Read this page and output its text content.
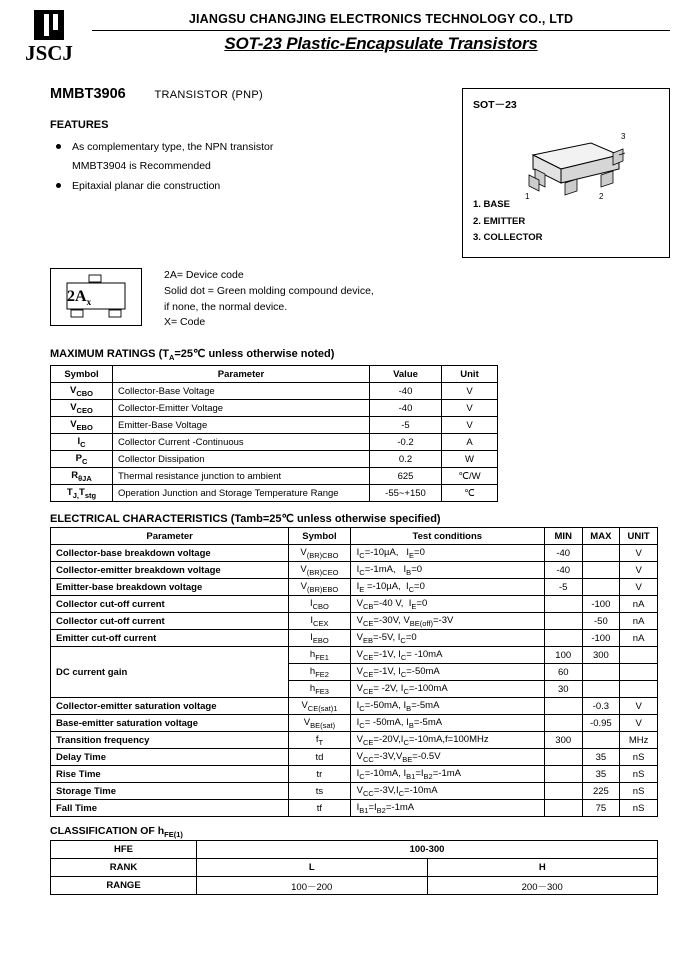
JSCJ
JIANGSU CHANGJING ELECTRONICS TECHNOLOGY CO., LTD
SOT-23 Plastic-Encapsulate Transistors
MMBT3906	TRANSISTOR (PNP)
FEATURES
As complementary type, the NPN transistor
MMBT3904 is Recommended
Epitaxial planar die construction
SOT－23
3
1	2
1. BASE
2. EMITTER
3. COLLECTOR
$2A_x$
2A= Device code
Solid dot = Green molding compound device,
if none, the normal device.
X= Code
MAXIMUM RATINGS ($T_A=25℃$ unless otherwise noted)
Symbol	Parameter	Value	Unit
$V_{CBO}$	Collector-Base Voltage	-40	V
$V_{CEO}$	Collector-Emitter Voltage	-40	V
$V_{EBO}$	Emitter-Base Voltage	-5	V
$I_C$	Collector Current -Continuous	-0.2	A
$P_C$	Collector Dissipation	0.2	W
$R_{\theta JA}$	Thermal resistance junction to ambient	625	℃/W
$T_{J,}T_{stg}$	Operation Junction and Storage Temperature Range	-55~+150	℃
ELECTRICAL CHARACTERISTICS (Tamb=25℃ unless otherwise specified)
Parameter	Symbol	Test conditions	MIN	MAX	UNIT
Collector-base breakdown voltage	$V_{(BR)CBO}$	$I_C=-10\mu A$,   $I_E=0$	-40		V
Collector-emitter breakdown voltage	$V_{(BR)CEO}$	$I_C=-1mA$,   $I_B=0$	-40		V
Emitter-base breakdown voltage	$V_{(BR)EBO}$	$I_E =-10\mu A$,  $I_C=0$	-5		V
Collector cut-off current	$I_{CBO}$	$V_{CB}=-40$ V,  $I_E=0$		-100	nA
Collector cut-off current	$I_{CEX}$	$V_{CE}=-30V$, $V_{BE(off)}=-3V$		-50	nA
Emitter cut-off current	$I_{EBO}$	$V_{EB}=-5V$, $I_C=0$		-100	nA
DC current gain	$h_{FE1}$	$V_{CE}=-1V$, $I_C= -10mA$	100	300	
	$h_{FE2}$	$V_{CE}=-1V$, $I_C=-50mA$	60		
	$h_{FE3}$	$V_{CE}= -2V$, $I_C=-100mA$	30		
Collector-emitter saturation voltage	$V_{CE(sat)1}$	$I_C=-50mA$, $I_B=-5mA$		-0.3	V
Base-emitter saturation voltage	$V_{BE(sat)}$	$I_C= -50mA$, $I_B=-5mA$		-0.95	V
Transition frequency	$f_T$	$V_{CE}=-20V,I_C=-10mA,f=100MHz$	300		MHz
Delay Time	td	$V_{CC}=-3V,V_{BE}=-0.5V$		35	nS
Rise Time	tr	$I_C=-10mA$, $I_{B1}=I_{B2}=-1mA$		35	nS
Storage Time	ts	$V_{CC}=-3V,I_C=-10mA$		225	nS
Fall Time	tf	$I_{B1}=I_{B2}=-1mA$		75	nS
CLASSIFICATION OF $h_{FE(1)}$
HFE	100-300	
RANK	L	H
RANGE	100－200	200－300
